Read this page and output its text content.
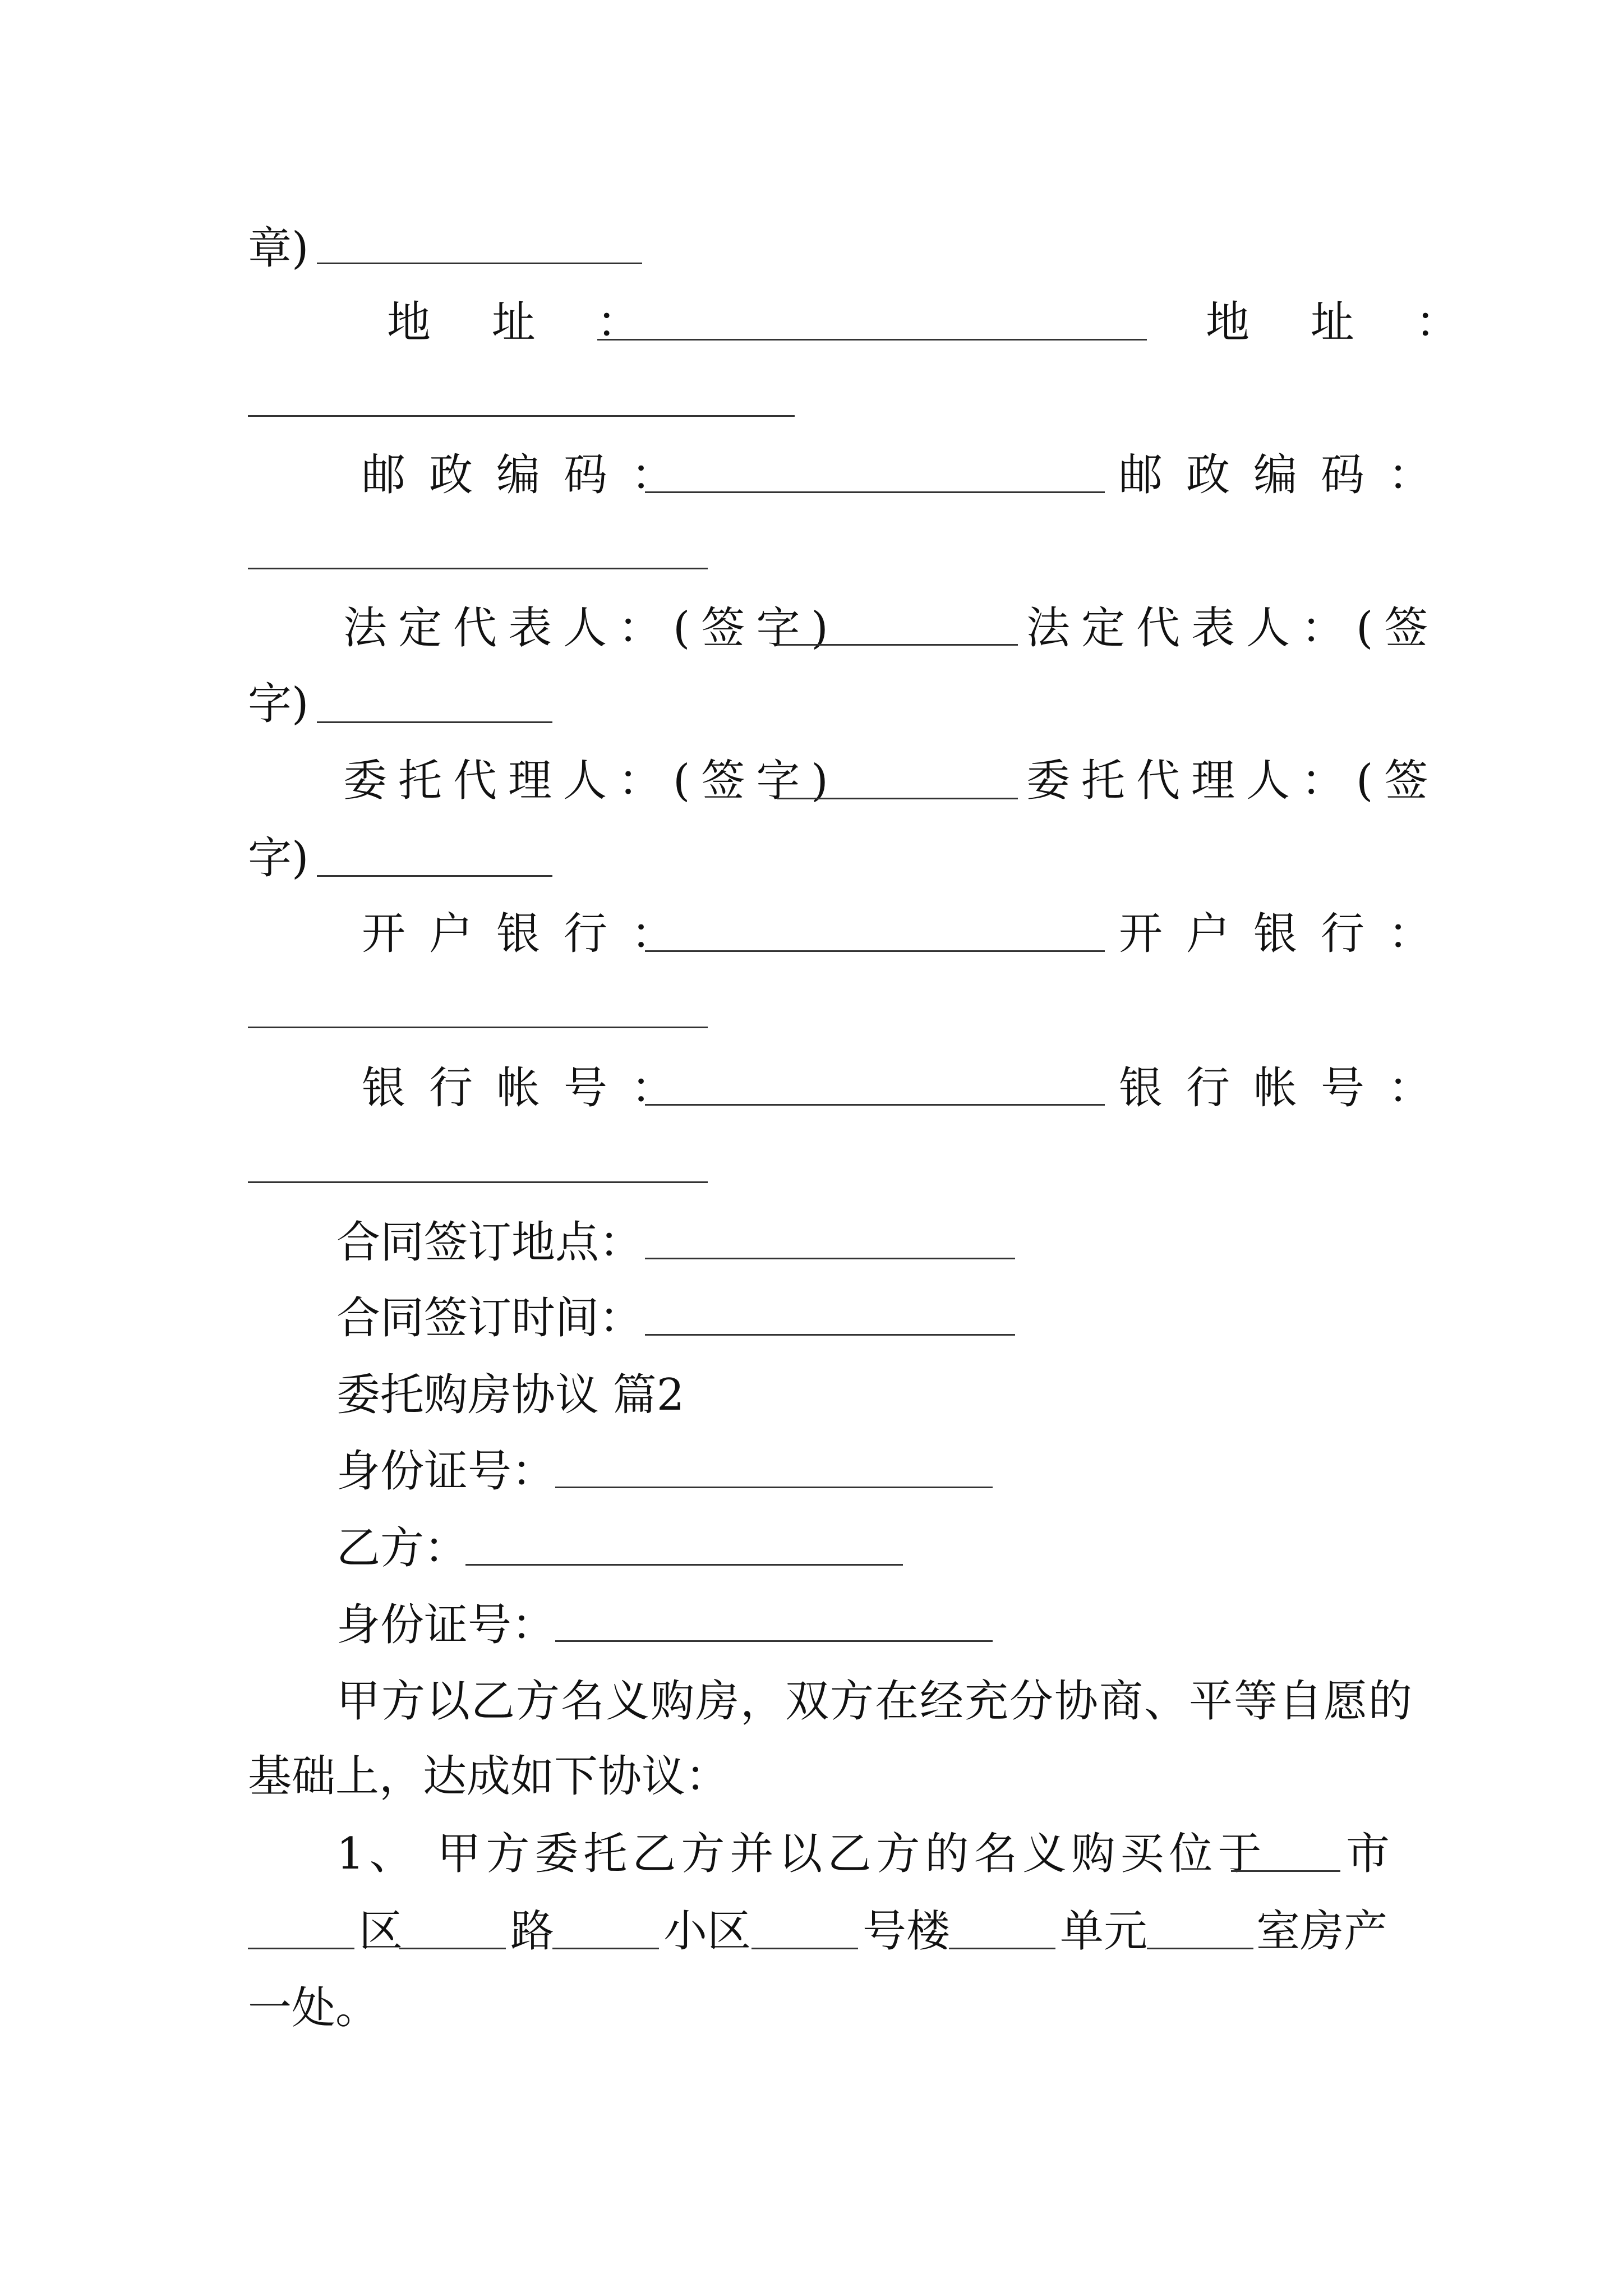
章)
地 址 ：	地 址 ：
邮政编码：	邮政编码：
法定代表人：(签字)	法定代表人：(签
字)
委托代理人：(签字)	委托代理人：(签
字)
开户银行：	开户银行：
银行帐号：	银行帐号：
合同签订地点：
合同签订时间：
委托购房协议 篇2
身份证号：
乙方：
身份证号：
甲方以乙方名义购房，双方在经充分协商、平等自愿的
基础上，达成如下协议：
1、 甲方委托乙方并以乙方的名义购买位于 市
区 路 小区	号楼	单元 室房产
一处。
